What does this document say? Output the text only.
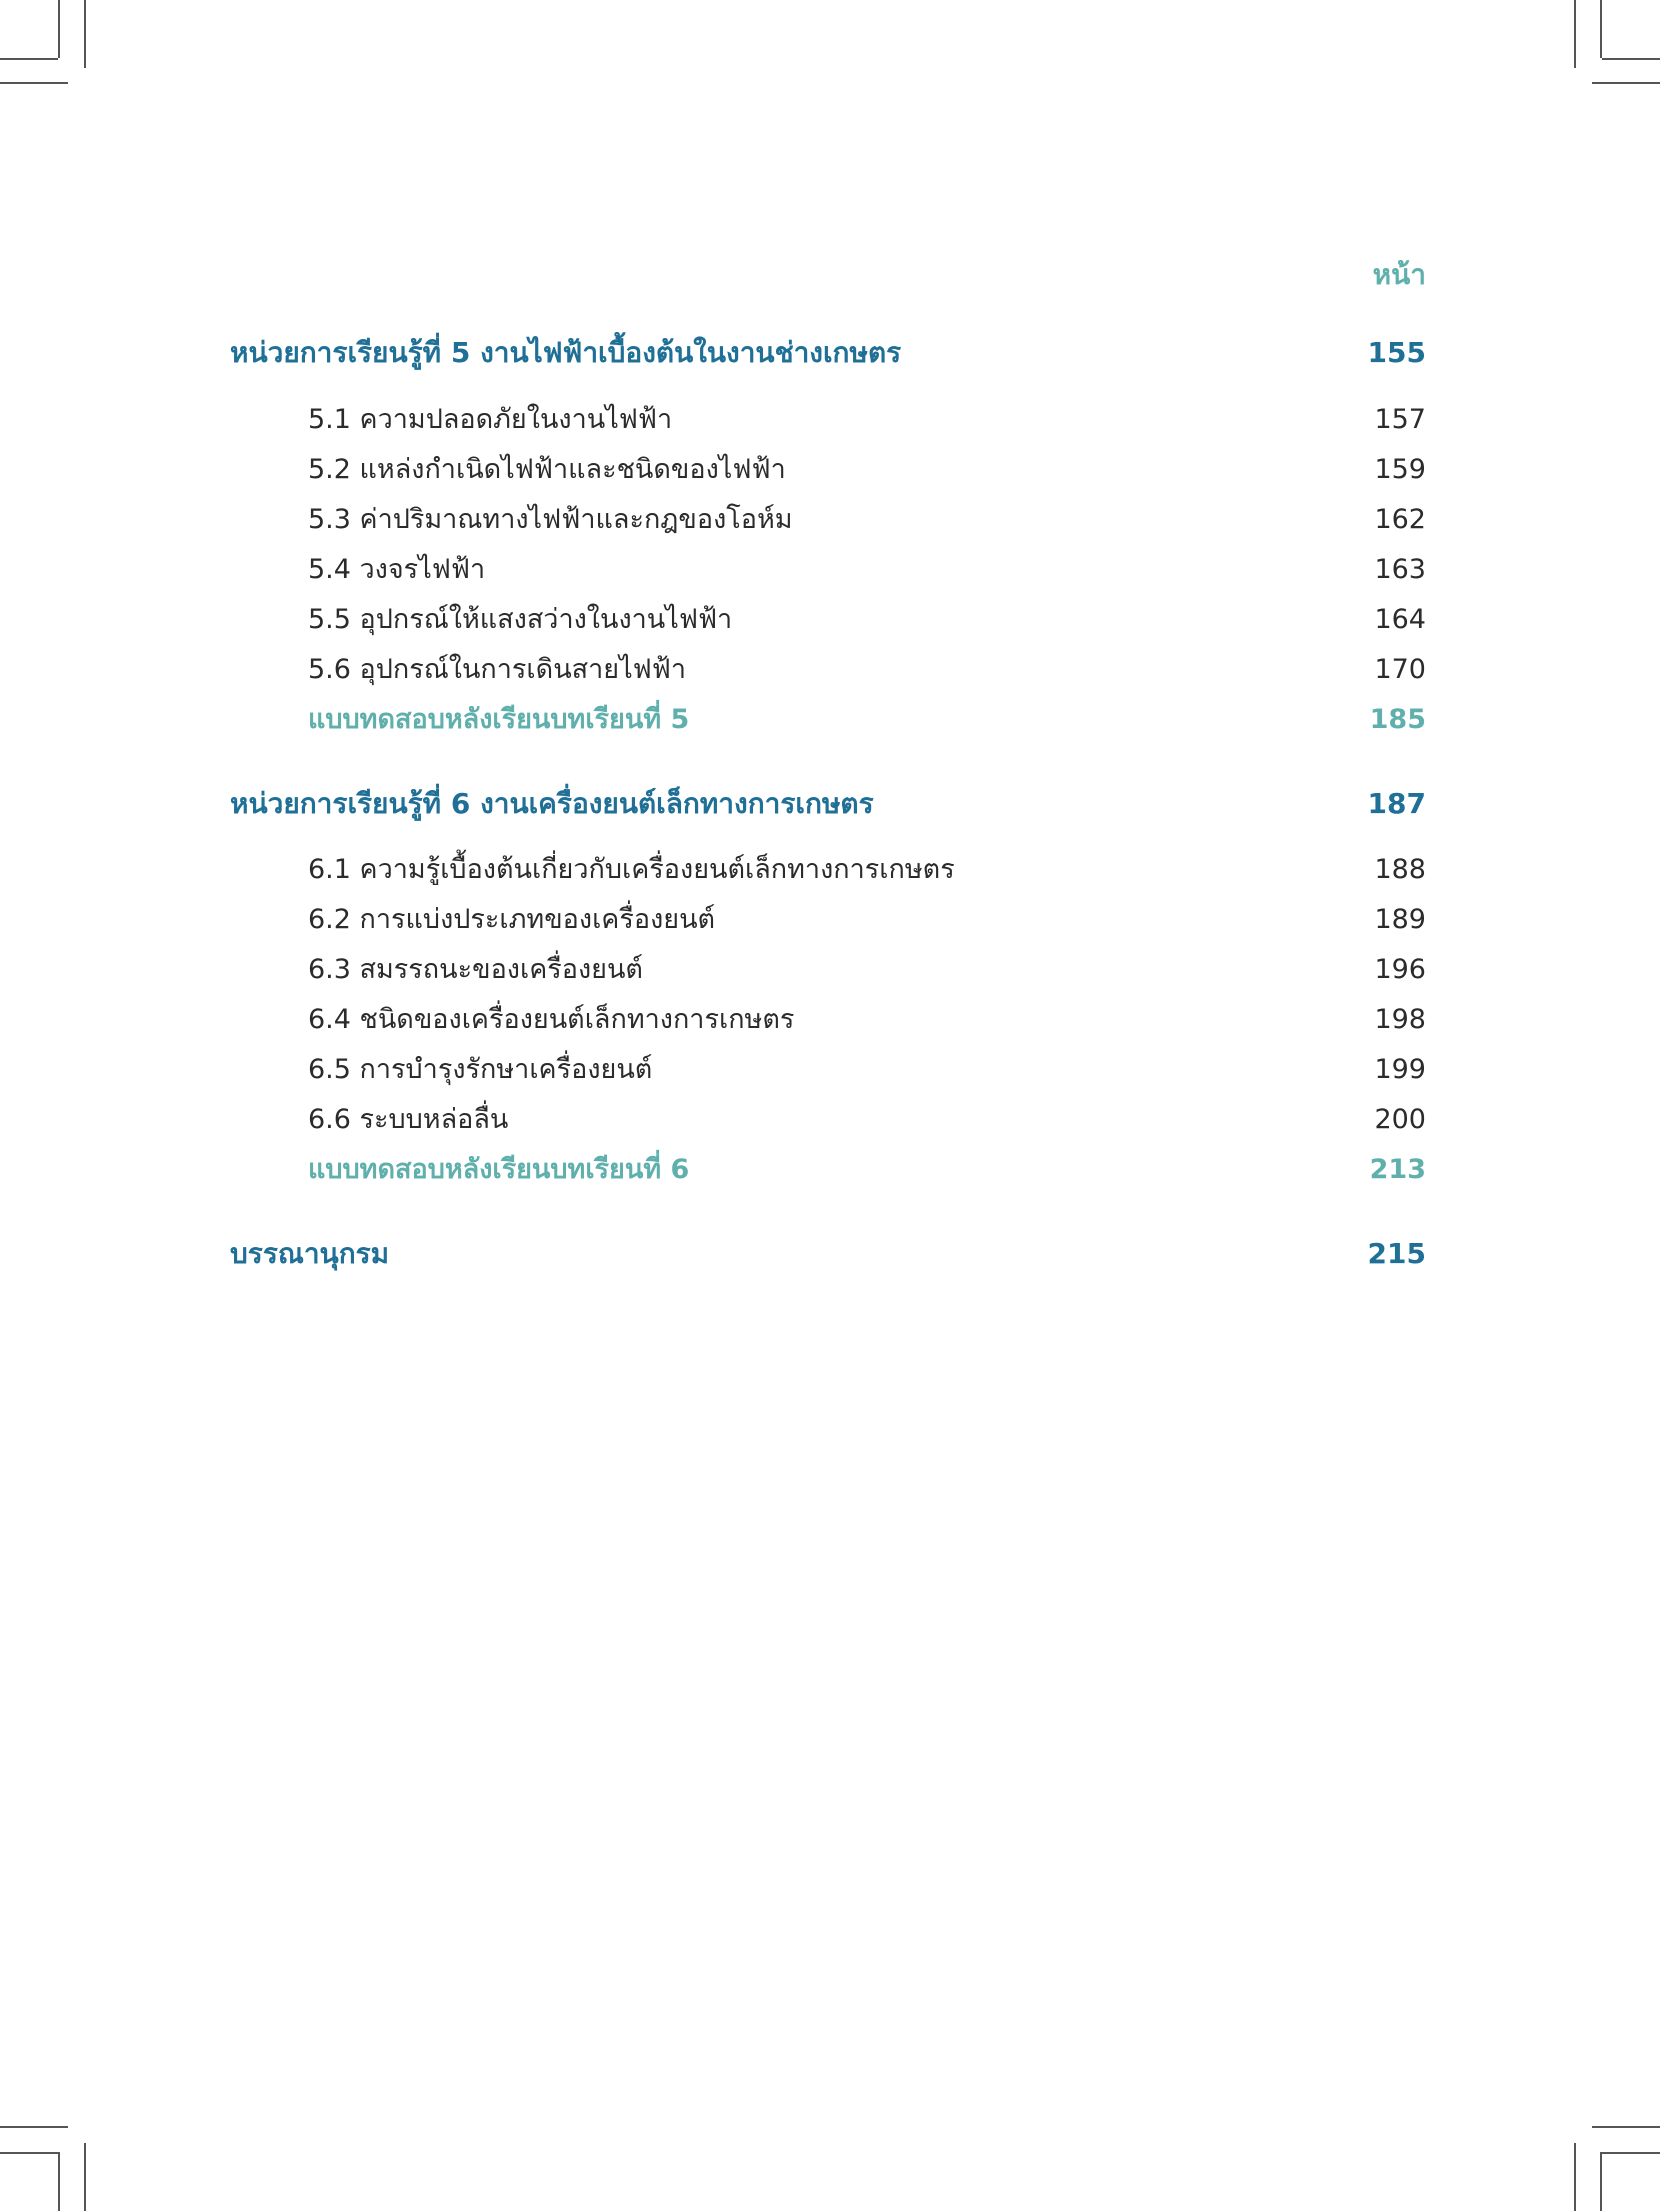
หน้า
หน่วยการเรียนรู้ที่ 5 งานไฟฟ้าเบื้องต้นในงานช่างเกษตร	155
5.1 ความปลอดภัยในงานไฟฟ้า	157
5.2 แหล่งกำเนิดไฟฟ้าและชนิดของไฟฟ้า	159
5.3 ค่าปริมาณทางไฟฟ้าและกฎของโอห์ม	162
5.4 วงจรไฟฟ้า	163
5.5 อุปกรณ์ให้แสงสว่างในงานไฟฟ้า	164
5.6 อุปกรณ์ในการเดินสายไฟฟ้า	170
แบบทดสอบหลังเรียนบทเรียนที่ 5	185
หน่วยการเรียนรู้ที่ 6 งานเครื่องยนต์เล็กทางการเกษตร	187
6.1 ความรู้เบื้องต้นเกี่ยวกับเครื่องยนต์เล็กทางการเกษตร	188
6.2 การแบ่งประเภทของเครื่องยนต์	189
6.3 สมรรถนะของเครื่องยนต์	196
6.4 ชนิดของเครื่องยนต์เล็กทางการเกษตร	198
6.5 การบำรุงรักษาเครื่องยนต์	199
6.6 ระบบหล่อลื่น	200
แบบทดสอบหลังเรียนบทเรียนที่ 6	213
บรรณานุกรม	215
